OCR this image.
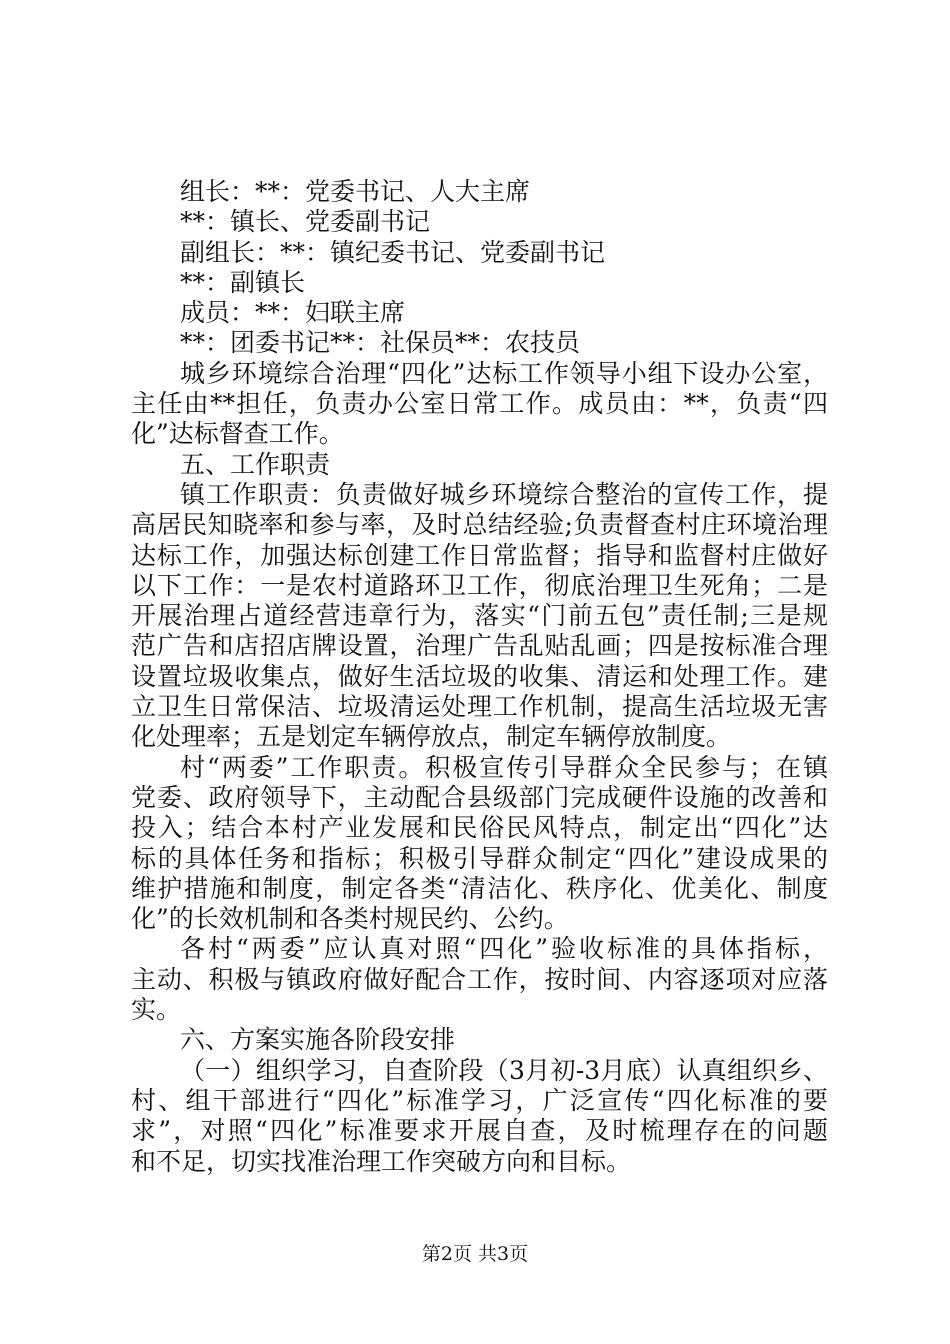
组长：**：党委书记、人大主席
**：镇长、党委副书记
副组长：**：镇纪委书记、党委副书记
**：副镇长
成员：**：妇联主席
**：团委书记**：社保员**：农技员
城乡环境综合治理“四化”达标工作领导小组下设办公室，
主任由**担任，负责办公室日常工作。成员由：**，负责“四
化”达标督查工作。
五、工作职责
镇工作职责：负责做好城乡环境综合整治的宣传工作，提
高居民知晓率和参与率，及时总结经验;负责督查村庄环境治理
达标工作，加强达标创建工作日常监督；指导和监督村庄做好
以下工作：一是农村道路环卫工作，彻底治理卫生死角；二是
开展治理占道经营违章行为，落实“门前五包”责任制;三是规
范广告和店招店牌设置，治理广告乱贴乱画；四是按标准合理
设置垃圾收集点，做好生活垃圾的收集、清运和处理工作。建
立卫生日常保洁、垃圾清运处理工作机制，提高生活垃圾无害
化处理率；五是划定车辆停放点，制定车辆停放制度。
村“两委”工作职责。积极宣传引导群众全民参与；在镇
党委、政府领导下，主动配合县级部门完成硬件设施的改善和
投入；结合本村产业发展和民俗民风特点，制定出“四化”达
标的具体任务和指标；积极引导群众制定“四化”建设成果的
维护措施和制度，制定各类“清洁化、秩序化、优美化、制度
化”的长效机制和各类村规民约、公约。
各村“两委”应认真对照“四化”验收标准的具体指标，
主动、积极与镇政府做好配合工作，按时间、内容逐项对应落
实。
六、方案实施各阶段安排
（一）组织学习，自查阶段（3月初-3月底）认真组织乡、
村、组干部进行“四化”标准学习，广泛宣传“四化标准的要
求”，对照“四化”标准要求开展自查，及时梳理存在的问题
和不足，切实找准治理工作突破方向和目标。
第2页 共3页
